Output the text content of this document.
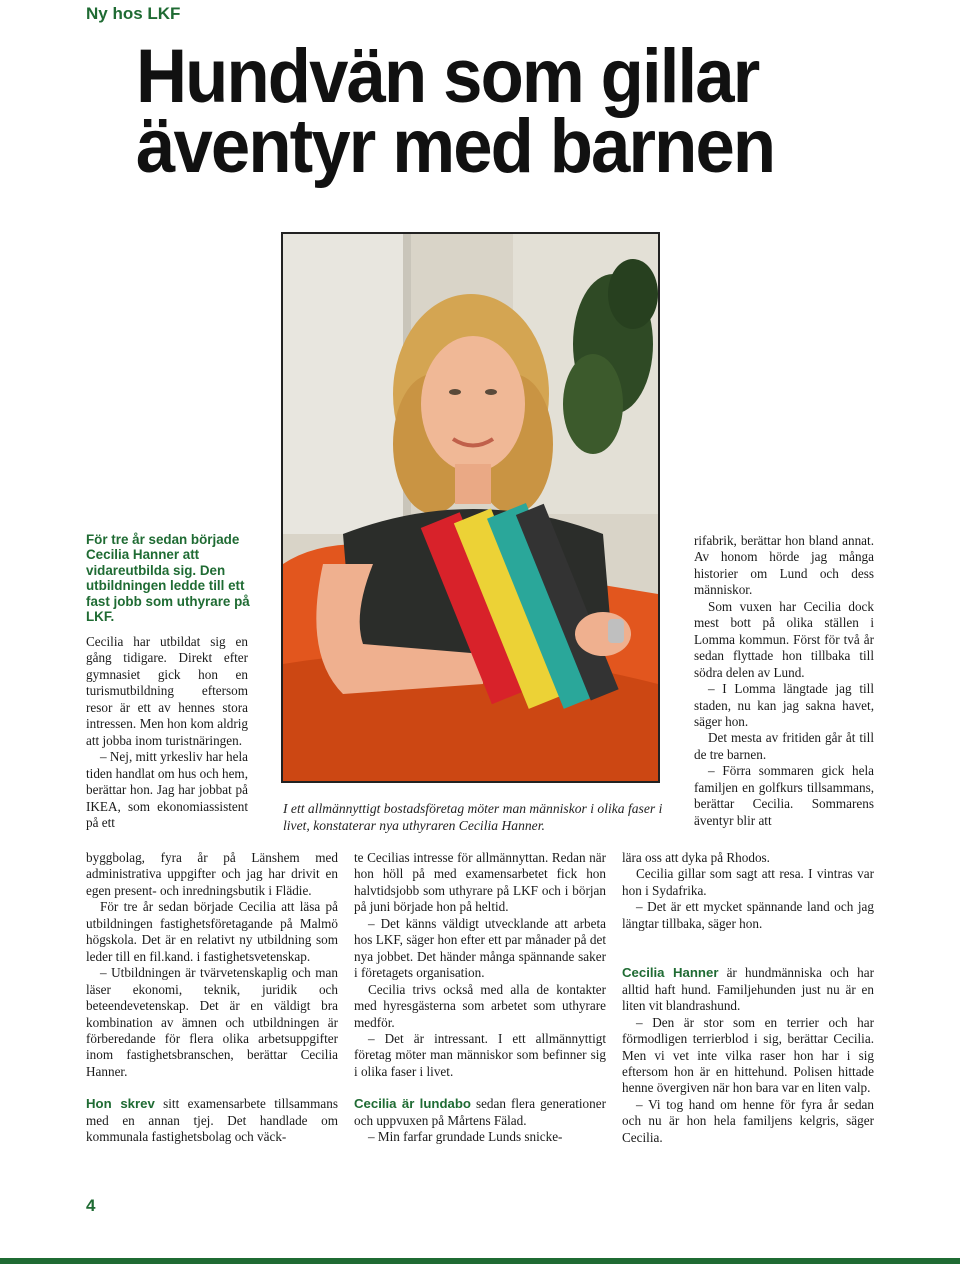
Ny hos LKF
Hundvän som gillar
äventyr med barnen
I ett allmännyttigt bostadsföretag möter man människor i olika faser i livet, konstaterar nya uthyraren Cecilia Hanner.
För tre år sedan började Cecilia Hanner att vidareutbilda sig. Den utbildningen ledde till ett fast jobb som uthyrare på LKF.

Cecilia har utbildat sig en gång tidigare. Direkt efter gymnasiet gick hon en turismutbildning eftersom resor är ett av hennes stora intressen. Men hon kom aldrig att jobba inom turistnäringen.

– Nej, mitt yrkesliv har hela tiden handlat om hus och hem, berättar hon. Jag har jobbat på IKEA, som ekonomiassistent på ett

byggbolag, fyra år på Länshem med administrativa uppgifter och jag har drivit en egen present- och inredningsbutik i Flädie.

För tre år sedan började Cecilia att läsa på utbildningen fastighetsföretagande på Malmö högskola. Det är en relativt ny utbildning som leder till en fil.kand. i fastighetsvetenskap.

– Utbildningen är tvärvetenskaplig och man läser ekonomi, teknik, juridik och beteendevetenskap. Det är en väldigt bra kombination av ämnen och utbildningen är förberedande för flera olika arbetsuppgifter inom fastighetsbranschen, berättar Cecilia Hanner.

Hon skrev sitt examensarbete tillsammans med en annan tjej. Det handlade om kommunala fastighetsbolag och väck-

te Cecilias intresse för allmännyttan. Redan när hon höll på med examensarbetet fick hon halvtidsjobb som uthyrare på LKF och i början på juni började hon på heltid.

– Det känns väldigt utvecklande att arbeta hos LKF, säger hon efter ett par månader på det nya jobbet. Det händer många spännande saker i företagets organisation.

Cecilia trivs också med alla de kontakter med hyresgästerna som arbetet som uthyrare medför.

– Det är intressant. I ett allmännyttigt företag möter man människor som befinner sig i olika faser i livet.

Cecilia är lundabo sedan flera generationer och uppvuxen på Mårtens Fälad.

– Min farfar grundade Lunds snicke-

rifabrik, berättar hon bland annat. Av honom hörde jag många historier om Lund och dess människor.

Som vuxen har Cecilia dock mest bott på olika ställen i Lomma kommun. Först för två år sedan flyttade hon tillbaka till södra delen av Lund.

– I Lomma längtade jag till staden, nu kan jag sakna havet, säger hon.

Det mesta av fritiden går åt till de tre barnen.

– Förra sommaren gick hela familjen en golfkurs tillsammans, berättar Cecilia. Sommarens äventyr blir att

lära oss att dyka på Rhodos.

Cecilia gillar som sagt att resa. I vintras var hon i Sydafrika.

– Det är ett mycket spännande land och jag längtar tillbaka, säger hon.

Cecilia Hanner är hundmänniska och har alltid haft hund. Familjehunden just nu är en liten vit blandrashund.

– Den är stor som en terrier och har förmodligen terrierblod i sig, berättar Cecilia. Men vi vet inte vilka raser hon har i sig eftersom hon är en hittehund. Polisen hittade henne övergiven när hon bara var en liten valp.

– Vi tog hand om henne för fyra år sedan och nu är hon hela familjens kelgris, säger Cecilia.

4
